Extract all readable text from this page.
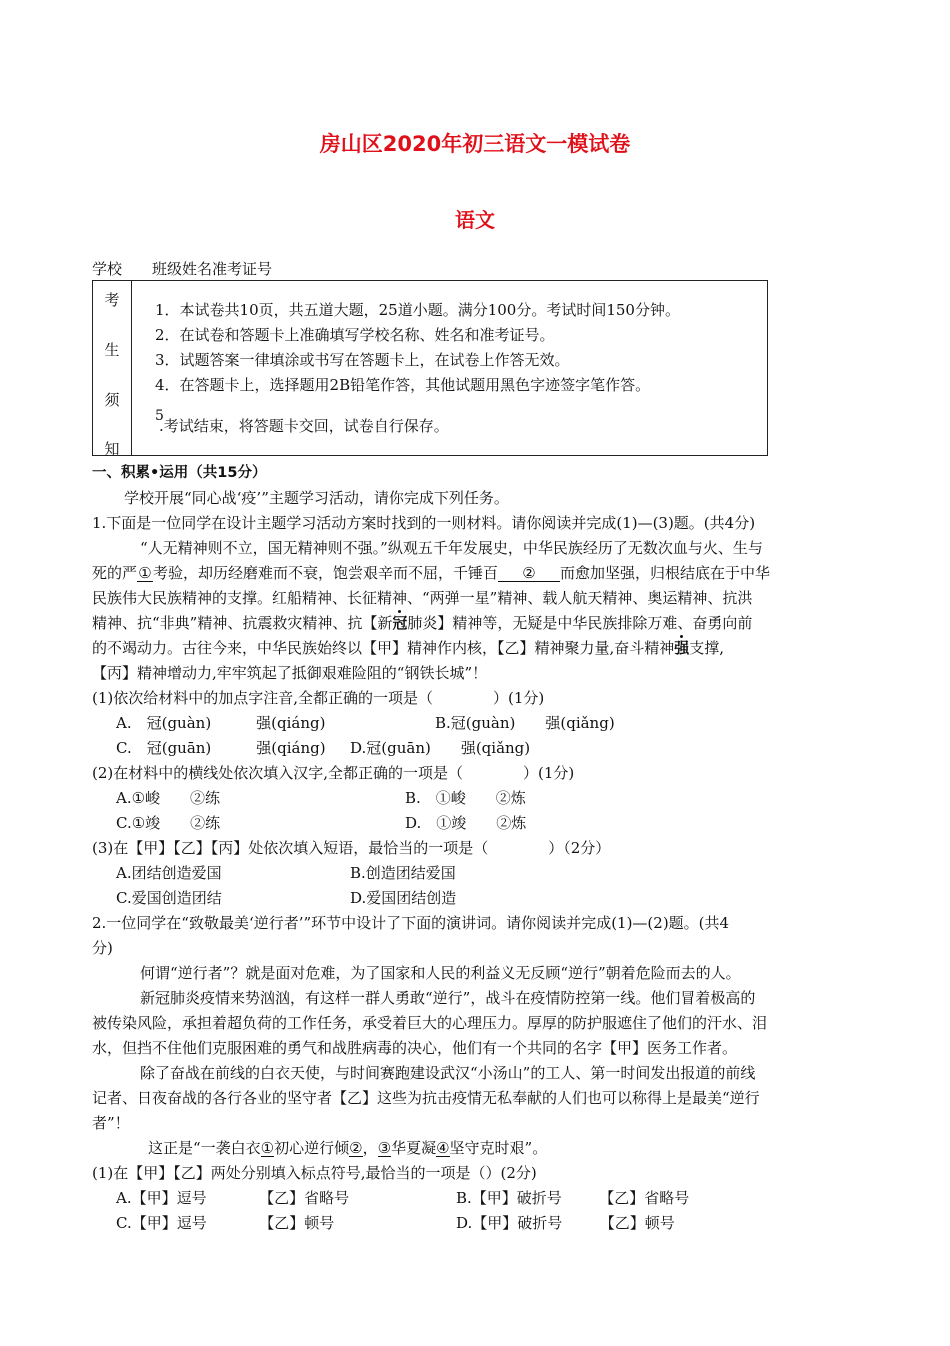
房山区2020年初三语文一模试卷
语文
学校　　班级姓名准考证号
考
生
须
知
1．本试卷共10页，共五道大题，25道小题。满分100分。考试时间150分钟。
2．在试卷和答题卡上准确填写学校名称、姓名和准考证号。
3．试题答案一律填涂或书写在答题卡上，在试卷上作答无效。
4．在答题卡上，选择题用2B铅笔作答，其他试题用黑色字迹签字笔作答。
5
.考试结束，将答题卡交回，试卷自行保存。
一、积累•运用（共15分）
学校开展“同心战‘疫’”主题学习活动，请你完成下列任务。
1.下面是一位同学在设计主题学习活动方案时找到的一则材料。请你阅读并完成(1)—(3)题。(共4分)
“人无精神则不立，国无精神则不强。”纵观五千年发展史，中华民族经历了无数次血与火、生与
死的严①考验，却历经磨难而不衰，饱尝艰辛而不屈，千锤百 ② 而愈加坚强，归根结底在于中华
民族伟大民族精神的支撑。红船精神、长征精神、“两弹一星”精神、载人航天精神、奥运精神、抗洪
精神、抗“非典”精神、抗震救灾精神、抗【新冠肺炎】精神等，无疑是中华民族排除万难、奋勇向前
的不竭动力。古往今来，中华民族始终以【甲】精神作内核，【乙】精神聚力量,奋斗精神强支撑,
【丙】精神增动力,牢牢筑起了抵御艰难险阻的“钢铁长城”！
(1)依次给材料中的加点字注音,全都正确的一项是（　　　　）(1分)
A.　冠(guàn)　　　强(qiáng)	B.冠(guàn)　　强(qiǎng)
C.　冠(guān)　　　强(qiáng) D.冠(guān)　　强(qiǎng)
(2)在材料中的横线处依次填入汉字,全都正确的一项是（　　　　）(1分)
A.①峻　　②练	B.　①峻　　②炼
C.①竣　　②练	D.　①竣　　②炼
(3)在【甲】【乙】【丙】处依次填入短语，最恰当的一项是（　　　　）（2分）
A.团结创造爱国	B.创造团结爱国
C.爱国创造团结	D.爱国团结创造
2.一位同学在“致敬最美‘逆行者’”环节中设计了下面的演讲词。请你阅读并完成(1)—(2)题。(共4
分)
何谓“逆行者”？就是面对危难，为了国家和人民的利益义无反顾“逆行”朝着危险而去的人。
新冠肺炎疫情来势汹汹，有这样一群人勇敢“逆行”，战斗在疫情防控第一线。他们冒着极高的
被传染风险，承担着超负荷的工作任务，承受着巨大的心理压力。厚厚的防护服遮住了他们的汗水、泪
水，但挡不住他们克服困难的勇气和战胜病毒的决心，他们有一个共同的名字【甲】医务工作者。
除了奋战在前线的白衣天使，与时间赛跑建设武汉“小汤山”的工人、第一时间发出报道的前线
记者、日夜奋战的各行各业的坚守者【乙】这些为抗击疫情无私奉献的人们也可以称得上是最美“逆行
者”！
这正是“一袭白衣①初心逆行倾②，③华夏凝④坚守克时艰”。
(1)在【甲】【乙】两处分别填入标点符号,最恰当的一项是（）(2分)
A.【甲】逗号　　　　【乙】省略号	B.【甲】破折号　　　【乙】省略号
C.【甲】逗号　　　　【乙】顿号	D.【甲】破折号　　　【乙】顿号
